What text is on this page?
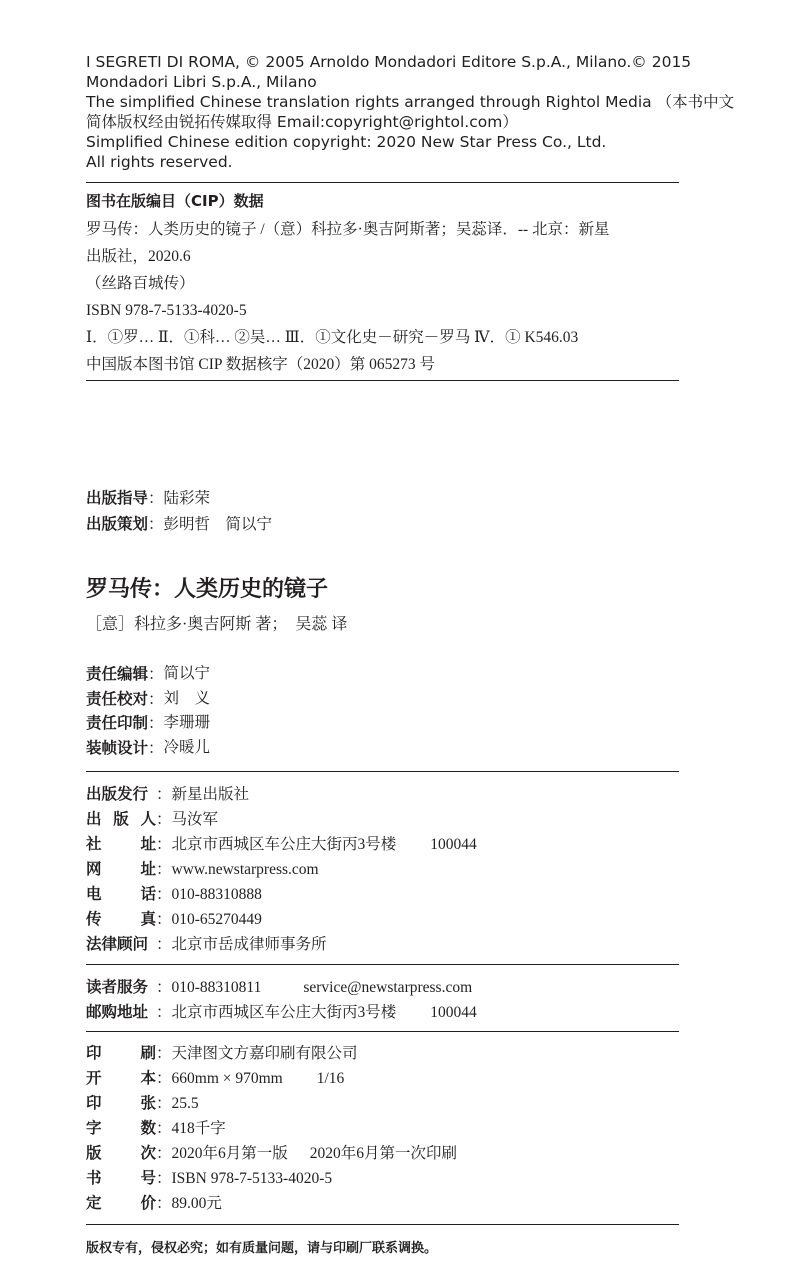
I SEGRETI DI ROMA, © 2005 Arnoldo Mondadori Editore S.p.A., Milano.© 2015
Mondadori Libri S.p.A., Milano
The simplified Chinese translation rights arranged through Rightol Media （本书中文
简体版权经由锐拓传媒取得 Email:copyright@rightol.com）
Simplified Chinese edition copyright: 2020 New Star Press Co., Ltd.
All rights reserved.
图书在版编目（CIP）数据
罗马传：人类历史的镜子 /（意）科拉多·奥吉阿斯著；吴蕊译．-- 北京：新星
出版社，2020.6
（丝路百城传）
ISBN 978-7-5133-4020-5
Ⅰ．①罗… Ⅱ．①科… ②吴… Ⅲ．①文化史－研究－罗马 Ⅳ．① K546.03
中国版本图书馆 CIP 数据核字（2020）第 065273 号
出版指导 ： 陆彩荣
出版策划 ： 彭明哲　简以宁
罗马传：人类历史的镜子
［意］科拉多·奥吉阿斯 著；　吴蕊 译
责任编辑 ： 简以宁
责任校对 ： 刘　义
责任印制 ： 李珊珊
装帧设计 ： 冷暖儿
出版发行 ： 新星出版社
出 版 人 ： 马汝军
社	址 ： 北京市西城区车公庄大街丙3号楼 100044
网	址 ： www.newstarpress.com
电	话 ： 010-88310888
传	真 ： 010-65270449
法律顾问 ： 北京市岳成律师事务所
读者服务 ： 010-88310811	service@newstarpress.com
邮购地址 ： 北京市西城区车公庄大街丙3号楼 100044
印	刷 ： 天津图文方嘉印刷有限公司
开	本 ： 660mm × 970mm 1/16
印	张 ： 25.5
字	数 ： 418千字
版	次 ： 2020年6月第一版 2020年6月第一次印刷
书	号 ： ISBN 978-7-5133-4020-5
定	价 ： 89.00元
版权专有，侵权必究；如有质量问题，请与印刷厂联系调换。
